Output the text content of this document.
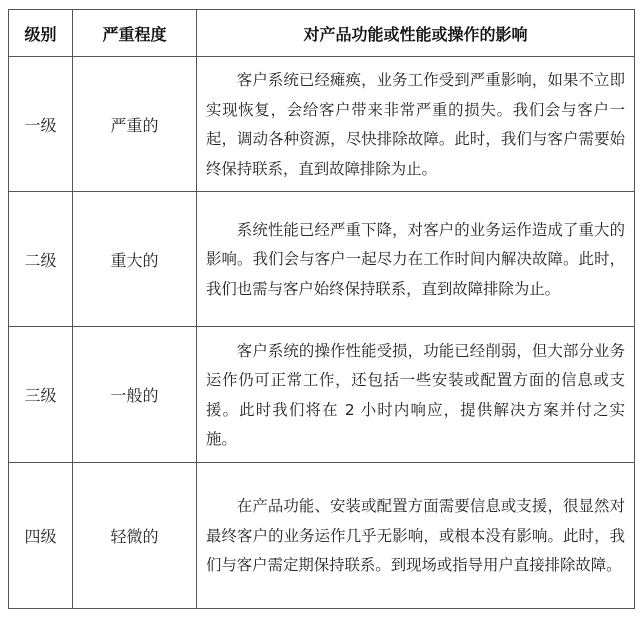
级别	严重程度	对产品功能或性能或操作的影响
一级	严重的	客户系统已经瘫痪，业务工作受到严重影响，如果不立即实现恢复，会给客户带来非常严重的损失。我们会与客户一起，调动各种资源，尽快排除故障。此时，我们与客户需要始终保持联系，直到故障排除为止。
二级	重大的	系统性能已经严重下降，对客户的业务运作造成了重大的影响。我们会与客户一起尽力在工作时间内解决故障。此时，我们也需与客户始终保持联系，直到故障排除为止。
三级	一般的	客户系统的操作性能受损，功能已经削弱，但大部分业务运作仍可正常工作，还包括一些安装或配置方面的信息或支援。此时我们将在 2 小时内响应，提供解决方案并付之实施。
四级	轻微的	在产品功能、安装或配置方面需要信息或支援，很显然对最终客户的业务运作几乎无影响，或根本没有影响。此时，我们与客户需定期保持联系。到现场或指导用户直接排除故障。
